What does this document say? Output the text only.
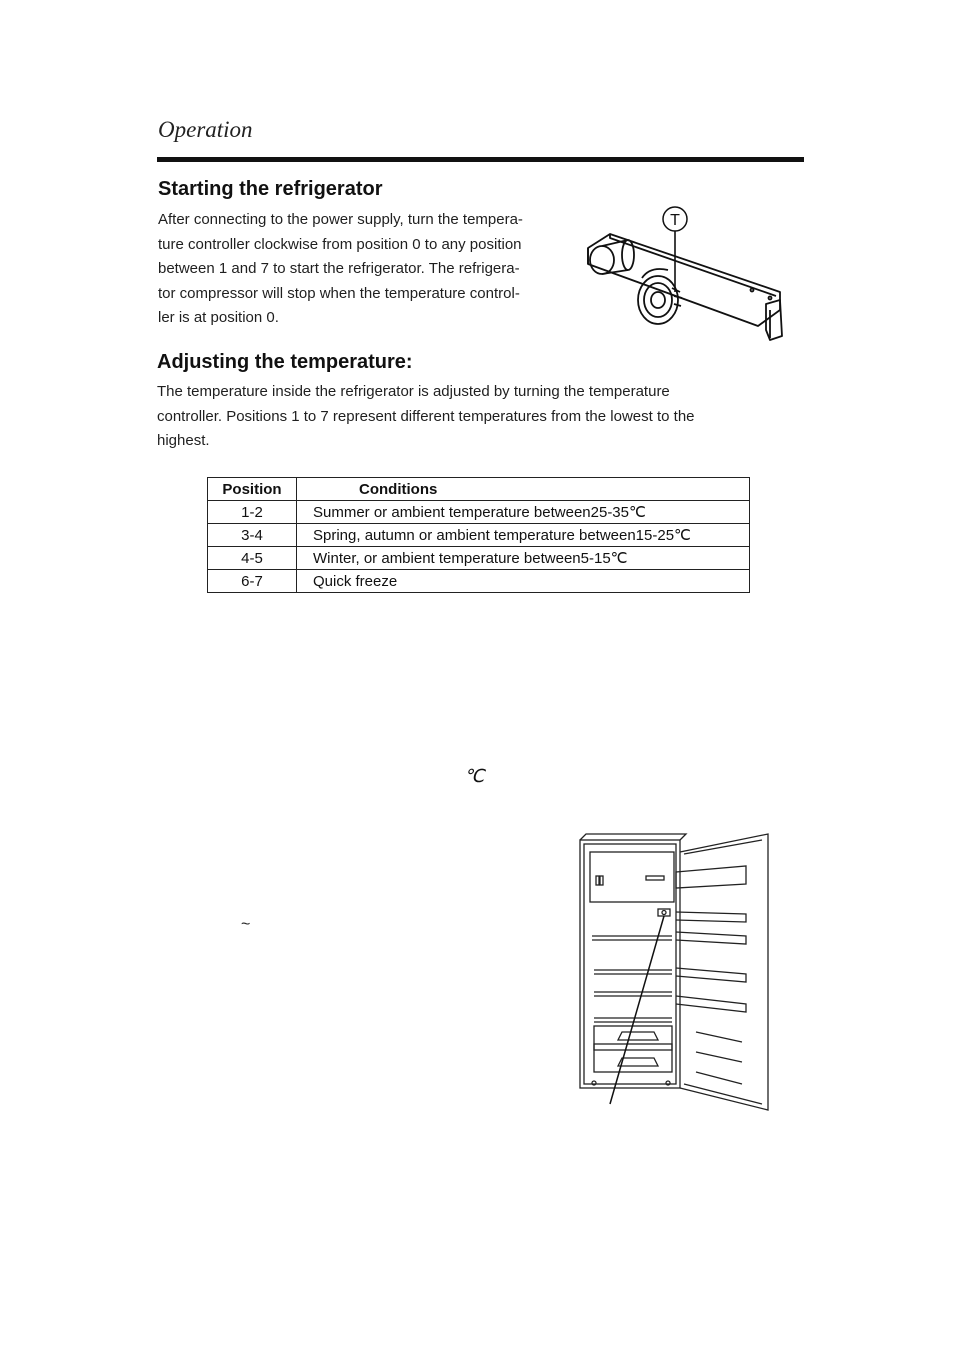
Operation
Starting the refrigerator
After connecting to the power supply, turn the tempera-
ture controller clockwise from position 0 to any position
between 1 and 7 to start the refrigerator. The refrigera-
tor compressor will stop when the temperature control-
ler is at position 0.
T
Adjusting the temperature:
The temperature inside the refrigerator is adjusted by turning the temperature
controller. Positions 1 to 7 represent different temperatures from the lowest to the
highest.
Position	Conditions
1-2	Summer or ambient temperature between25-35℃
3-4	Spring, autumn or ambient temperature between15-25℃
4-5	Winter, or ambient temperature between5-15℃
6-7	Quick freeze
℃
~
